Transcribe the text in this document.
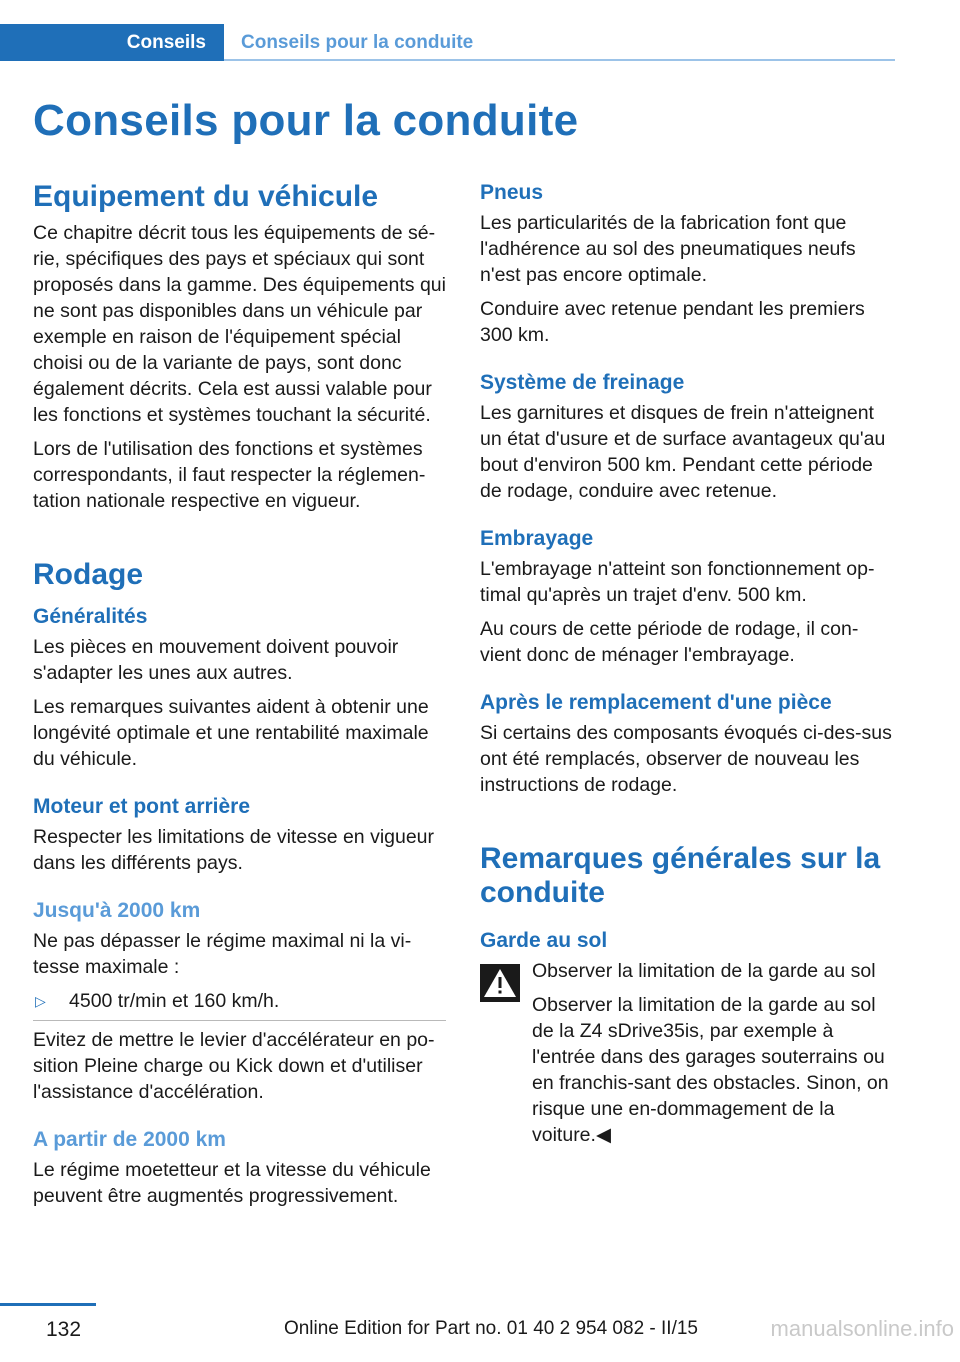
Conseils	Conseils pour la conduite
Conseils pour la conduite
Equipement du véhicule

Ce chapitre décrit tous les équipements de sé‐rie, spécifiques des pays et spéciaux qui sont proposés dans la gamme. Des équipements qui ne sont pas disponibles dans un véhicule par exemple en raison de l'équipement spécial choisi ou de la variante de pays, sont donc également décrits. Cela est aussi valable pour les fonctions et systèmes touchant la sécurité.

Lors de l'utilisation des fonctions et systèmes correspondants, il faut respecter la réglemen‐tation nationale respective en vigueur.

Rodage
Généralités

Les pièces en mouvement doivent pouvoir s'adapter les unes aux autres.

Les remarques suivantes aident à obtenir une longévité optimale et une rentabilité maximale du véhicule.

Moteur et pont arrière

Respecter les limitations de vitesse en vigueur dans les différents pays.

Jusqu'à 2000 km

Ne pas dépasser le régime maximal ni la vi‐tesse maximale :

▷	4500 tr/min et 160 km/h.

Evitez de mettre le levier d'accélérateur en po‐sition Pleine charge ou Kick down et d'utiliser l'assistance d'accélération.

A partir de 2000 km

Le régime moetetteur et la vitesse du véhicule peuvent être augmentés progressivement.

Pneus

Les particularités de la fabrication font que l'adhérence au sol des pneumatiques neufs n'est pas encore optimale.

Conduire avec retenue pendant les premiers 300 km.

Système de freinage

Les garnitures et disques de frein n'atteignent un état d'usure et de surface avantageux qu'au bout d'environ 500 km. Pendant cette période de rodage, conduire avec retenue.

Embrayage

L'embrayage n'atteint son fonctionnement op‐timal qu'après un trajet d'env. 500 km.

Au cours de cette période de rodage, il con‐vient donc de ménager l'embrayage.

Après le remplacement d'une pièce

Si certains des composants évoqués ci-des‐sus ont été remplacés, observer de nouveau les instructions de rodage.

Remarques générales sur la conduite
Garde au sol

Observer la limitation de la garde au sol

Observer la limitation de la garde au sol de la Z4 sDrive35is, par exemple à l'entrée dans des garages souterrains ou en franchis‐sant des obstacles. Sinon, on risque une en‐dommagement de la voiture.◀

132	Online Edition for Part no. 01 40 2 954 082 - II/15	manualsonline.info
